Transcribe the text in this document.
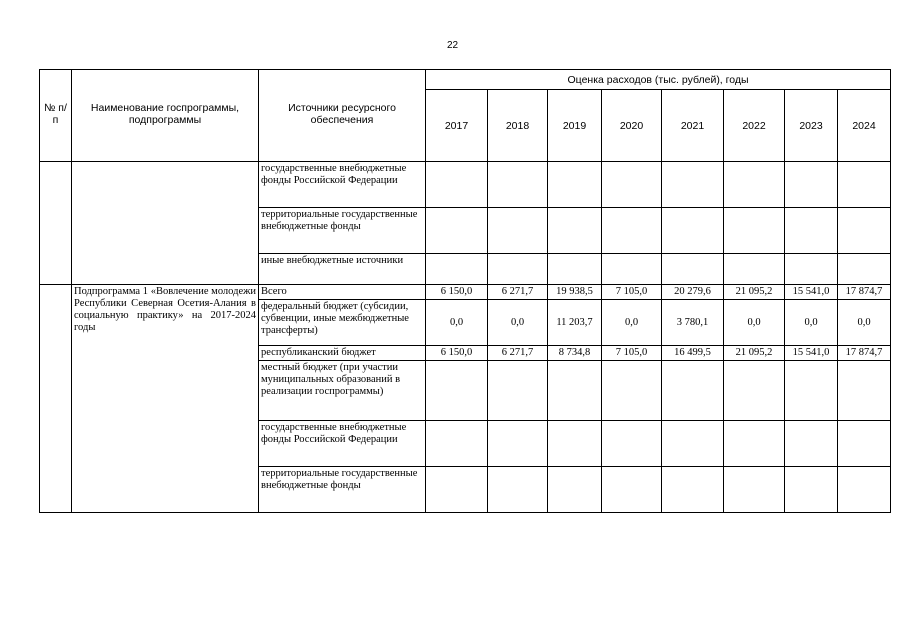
22
№ п/п	Наименование госпрограммы, подпрограммы	Источники ресурсного обеспечения	Оценка расходов (тыс. рублей), годы							
			2017	2018	2019	2020	2021	2022	2023	2024
		государственные внебюджетные фонды Российской Федерации								
		территориальные государственные внебюджетные фонды								
		иные внебюджетные источники								
	Подпрограмма 1 «Вовлечение молодежи Республики Северная Осетия-Алания в социальную практику» на 2017-2024 годы	Всего	6 150,0	6 271,7	19 938,5	7 105,0	20 279,6	21 095,2	15 541,0	17 874,7
		федеральный бюджет (субсидии, субвенции, иные межбюджетные трансферты)	0,0	0,0	11 203,7	0,0	3 780,1	0,0	0,0	0,0
		республиканский бюджет	6 150,0	6 271,7	8 734,8	7 105,0	16 499,5	21 095,2	15 541,0	17 874,7
		местный бюджет (при участии муниципальных образований в реализации госпрограммы)								
		государственные внебюджетные фонды Российской Федерации								
		территориальные государственные внебюджетные фонды								
